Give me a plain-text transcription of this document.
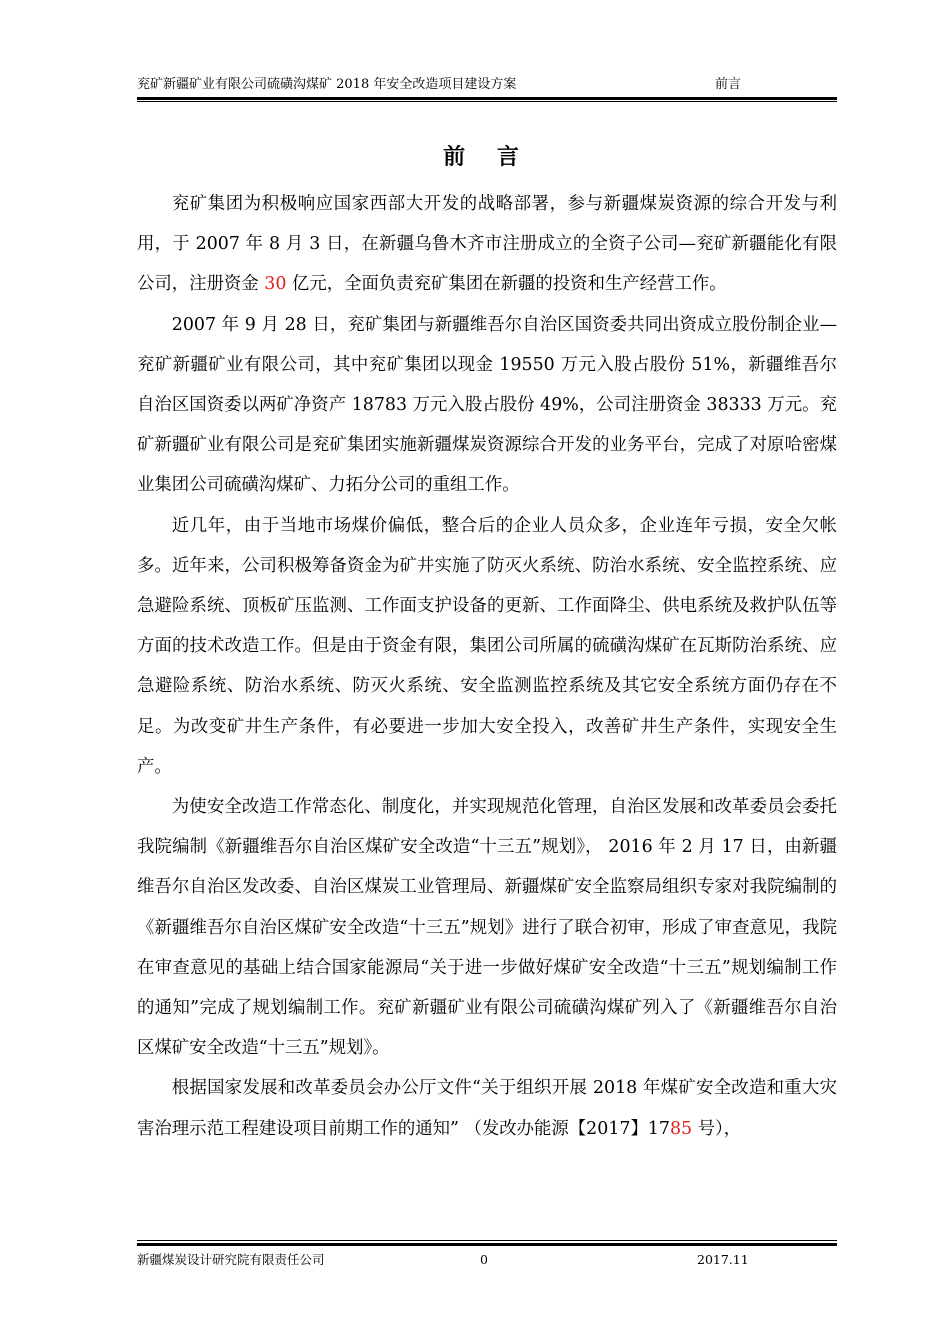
兖矿新疆矿业有限公司硫磺沟煤矿 2018 年安全改造项目建设方案	前言
前 言

兖矿集团为积极响应国家西部大开发的战略部署，参与新疆煤炭资源的综合开发与利用，于 2007 年 8 月 3 日，在新疆乌鲁木齐市注册成立的全资子公司—兖矿新疆能化有限公司，注册资金 30 亿元，全面负责兖矿集团在新疆的投资和生产经营工作。

2007 年 9 月 28 日，兖矿集团与新疆维吾尔自治区国资委共同出资成立股份制企业—兖矿新疆矿业有限公司，其中兖矿集团以现金 19550 万元入股占股份 51%，新疆维吾尔自治区国资委以两矿净资产 18783 万元入股占股份 49%，公司注册资金 38333 万元。兖矿新疆矿业有限公司是兖矿集团实施新疆煤炭资源综合开发的业务平台，完成了对原哈密煤业集团公司硫磺沟煤矿、力拓分公司的重组工作。

近几年，由于当地市场煤价偏低，整合后的企业人员众多，企业连年亏损，安全欠帐多。近年来，公司积极筹备资金为矿井实施了防灭火系统、防治水系统、安全监控系统、应急避险系统、顶板矿压监测、工作面支护设备的更新、工作面降尘、供电系统及救护队伍等方面的技术改造工作。但是由于资金有限，集团公司所属的硫磺沟煤矿在瓦斯防治系统、应急避险系统、防治水系统、防灭火系统、安全监测监控系统及其它安全系统方面仍存在不足。为改变矿井生产条件，有必要进一步加大安全投入，改善矿井生产条件，实现安全生产。

为使安全改造工作常态化、制度化，并实现规范化管理，自治区发展和改革委员会委托我院编制《新疆维吾尔自治区煤矿安全改造“十三五”规划》， 2016 年 2 月 17 日，由新疆维吾尔自治区发改委、自治区煤炭工业管理局、新疆煤矿安全监察局组织专家对我院编制的《新疆维吾尔自治区煤矿安全改造“十三五”规划》进行了联合初审，形成了审查意见，我院在审查意见的基础上结合国家能源局“关于进一步做好煤矿安全改造“十三五”规划编制工作的通知”完成了规划编制工作。兖矿新疆矿业有限公司硫磺沟煤矿列入了《新疆维吾尔自治区煤矿安全改造“十三五”规划》。

根据国家发展和改革委员会办公厅文件“关于组织开展 2018 年煤矿安全改造和重大灾害治理示范工程建设项目前期工作的通知” （发改办能源【2017】1785 号），

新疆煤炭设计研究院有限责任公司	0	2017.11
